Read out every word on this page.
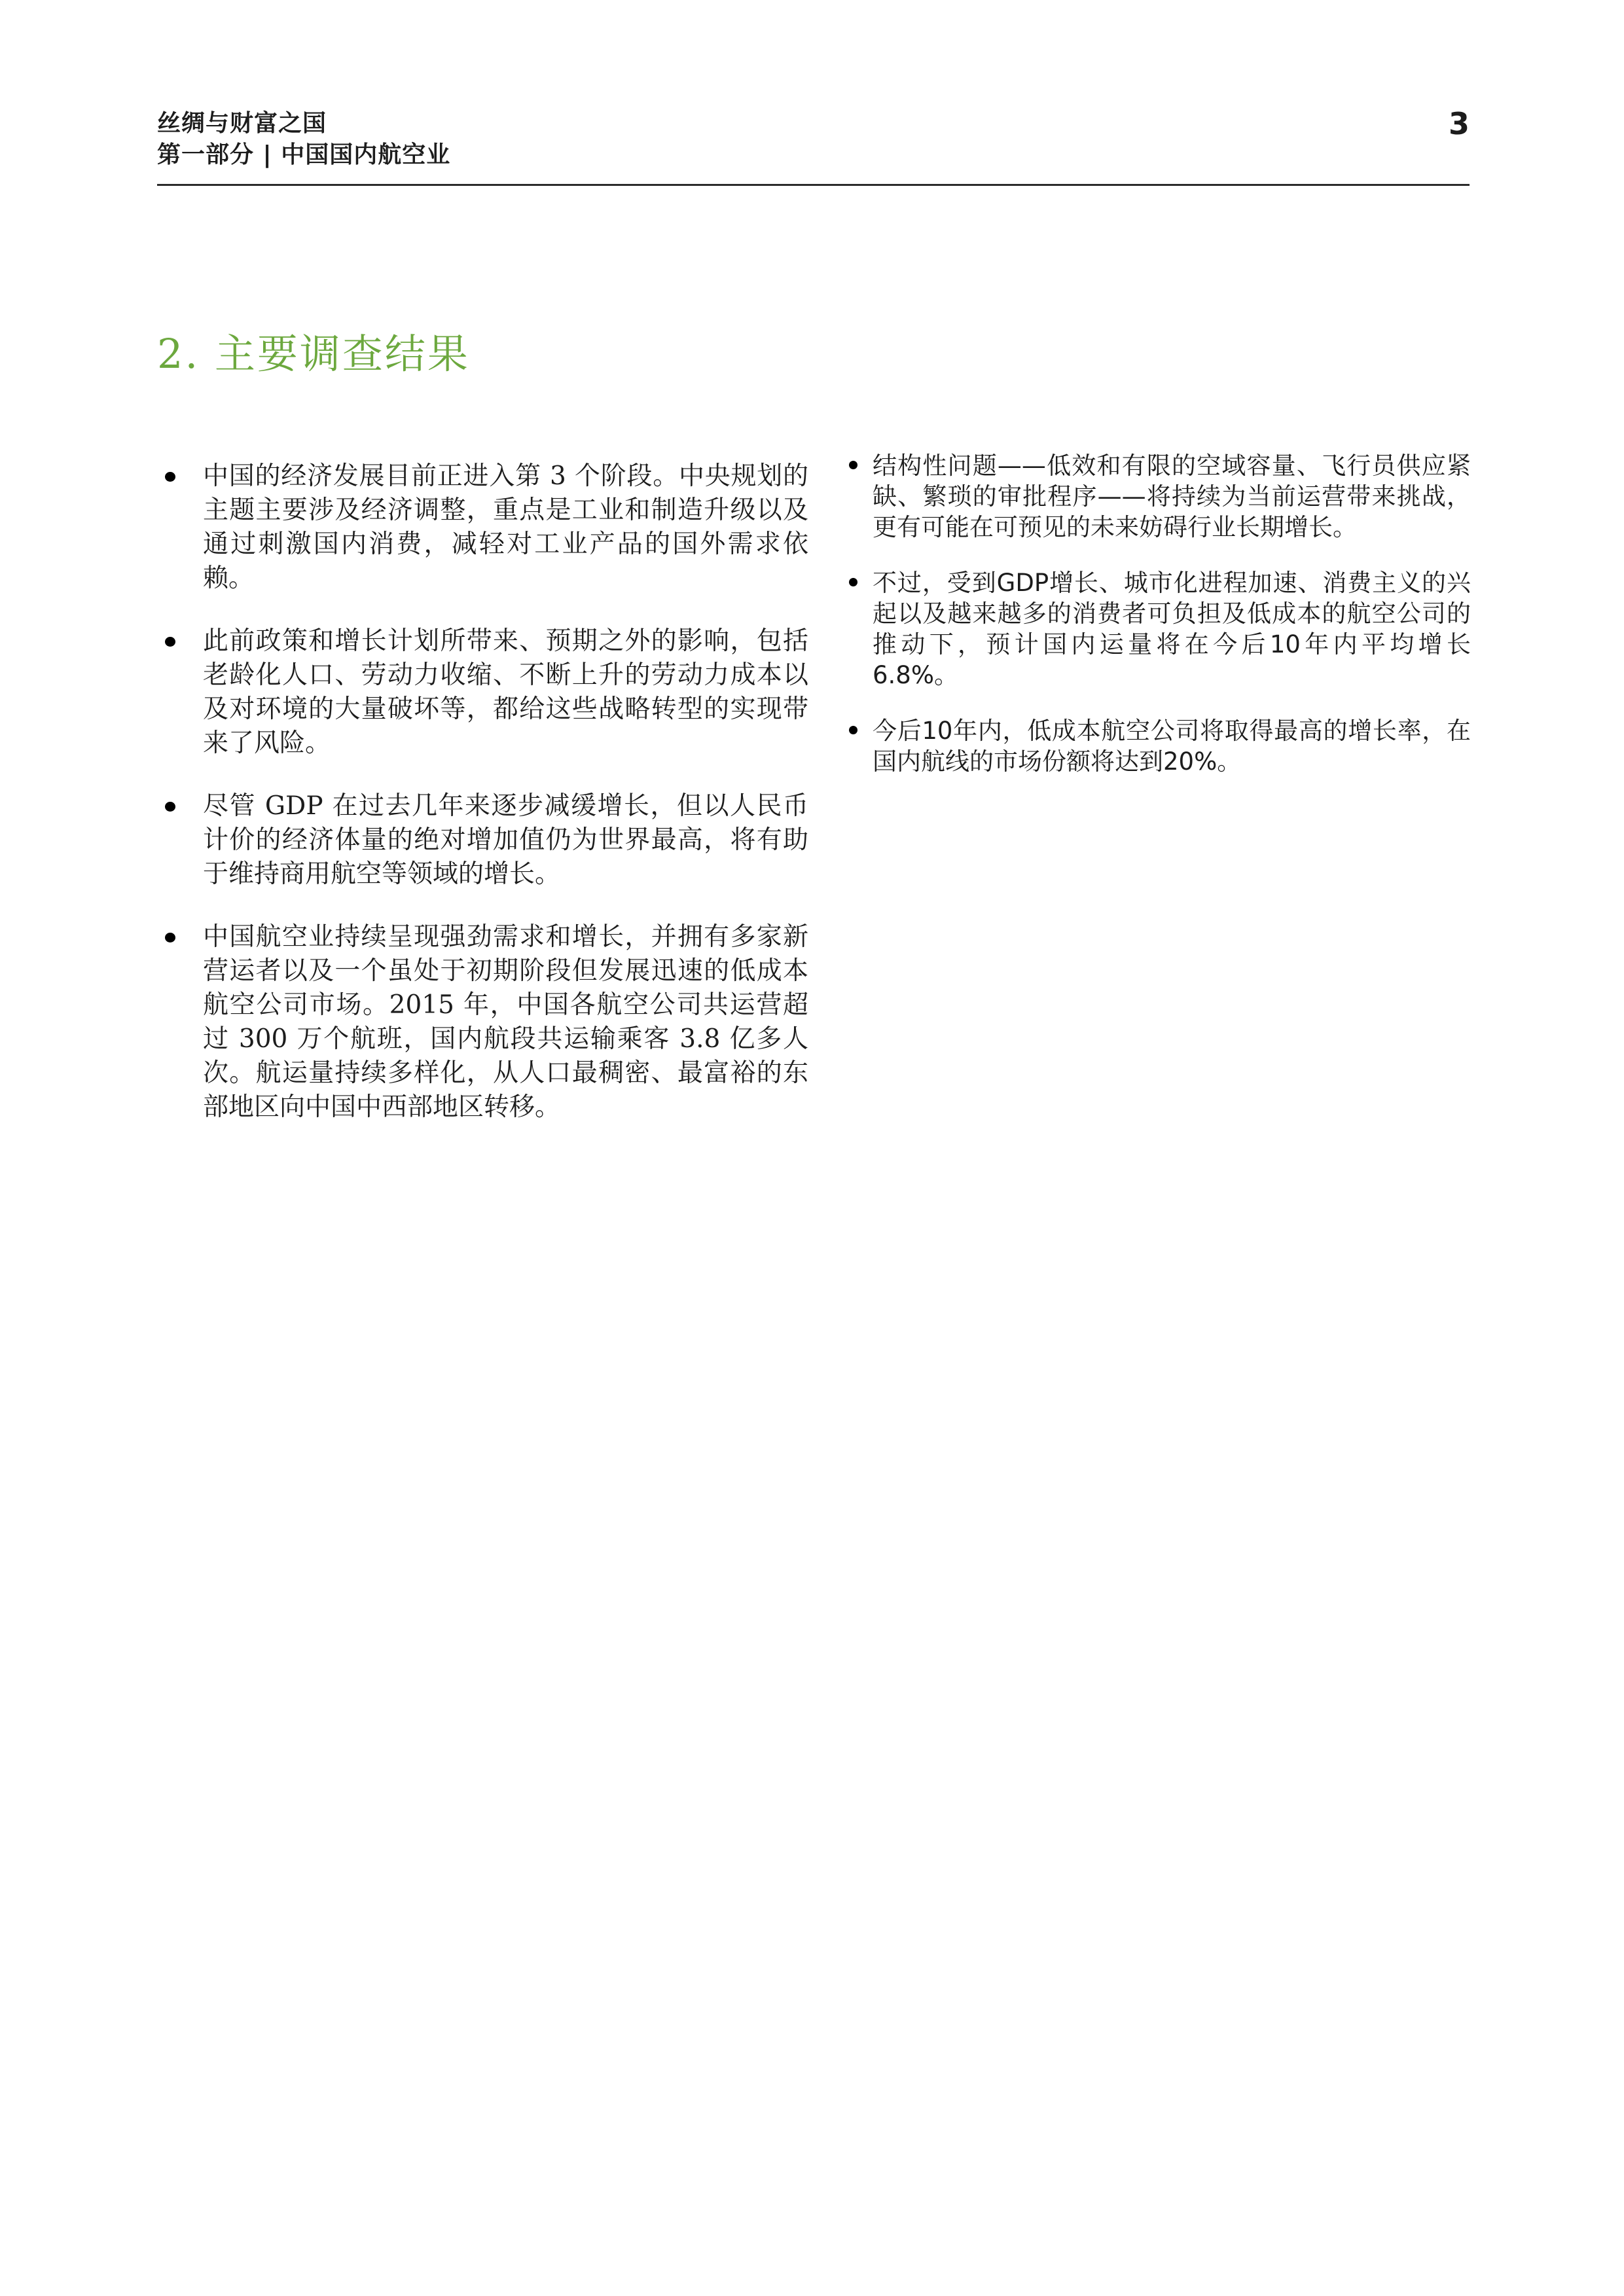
丝绸与财富之国
第一部分 | 中国国内航空业
3
2. 主要调查结果
中国的经济发展目前正进入第 3 个阶段。中央规划的主题主要涉及经济调整，重点是工业和制造升级以及通过刺激国内消费，减轻对工业产品的国外需求依赖。
此前政策和增长计划所带来、预期之外的影响，包括老龄化人口、劳动力收缩、不断上升的劳动力成本以及对环境的大量破坏等，都给这些战略转型的实现带来了风险。
尽管 GDP 在过去几年来逐步减缓增长，但以人民币计价的经济体量的绝对增加值仍为世界最高，将有助于维持商用航空等领域的增长。
中国航空业持续呈现强劲需求和增长，并拥有多家新营运者以及一个虽处于初期阶段但发展迅速的低成本航空公司市场。2015 年，中国各航空公司共运营超过 300 万个航班，国内航段共运输乘客 3.8 亿多人次。航运量持续多样化，从人口最稠密、最富裕的东部地区向中国中西部地区转移。
结构性问题——低效和有限的空域容量、飞行员供应紧缺、繁琐的审批程序——将持续为当前运营带来挑战，更有可能在可预见的未来妨碍行业长期增长。
不过，受到GDP增长、城市化进程加速、消费主义的兴起以及越来越多的消费者可负担及低成本的航空公司的推动下，预计国内运量将在今后10年内平均增长6.8%。
今后10年内，低成本航空公司将取得最高的增长率，在国内航线的市场份额将达到20%。
